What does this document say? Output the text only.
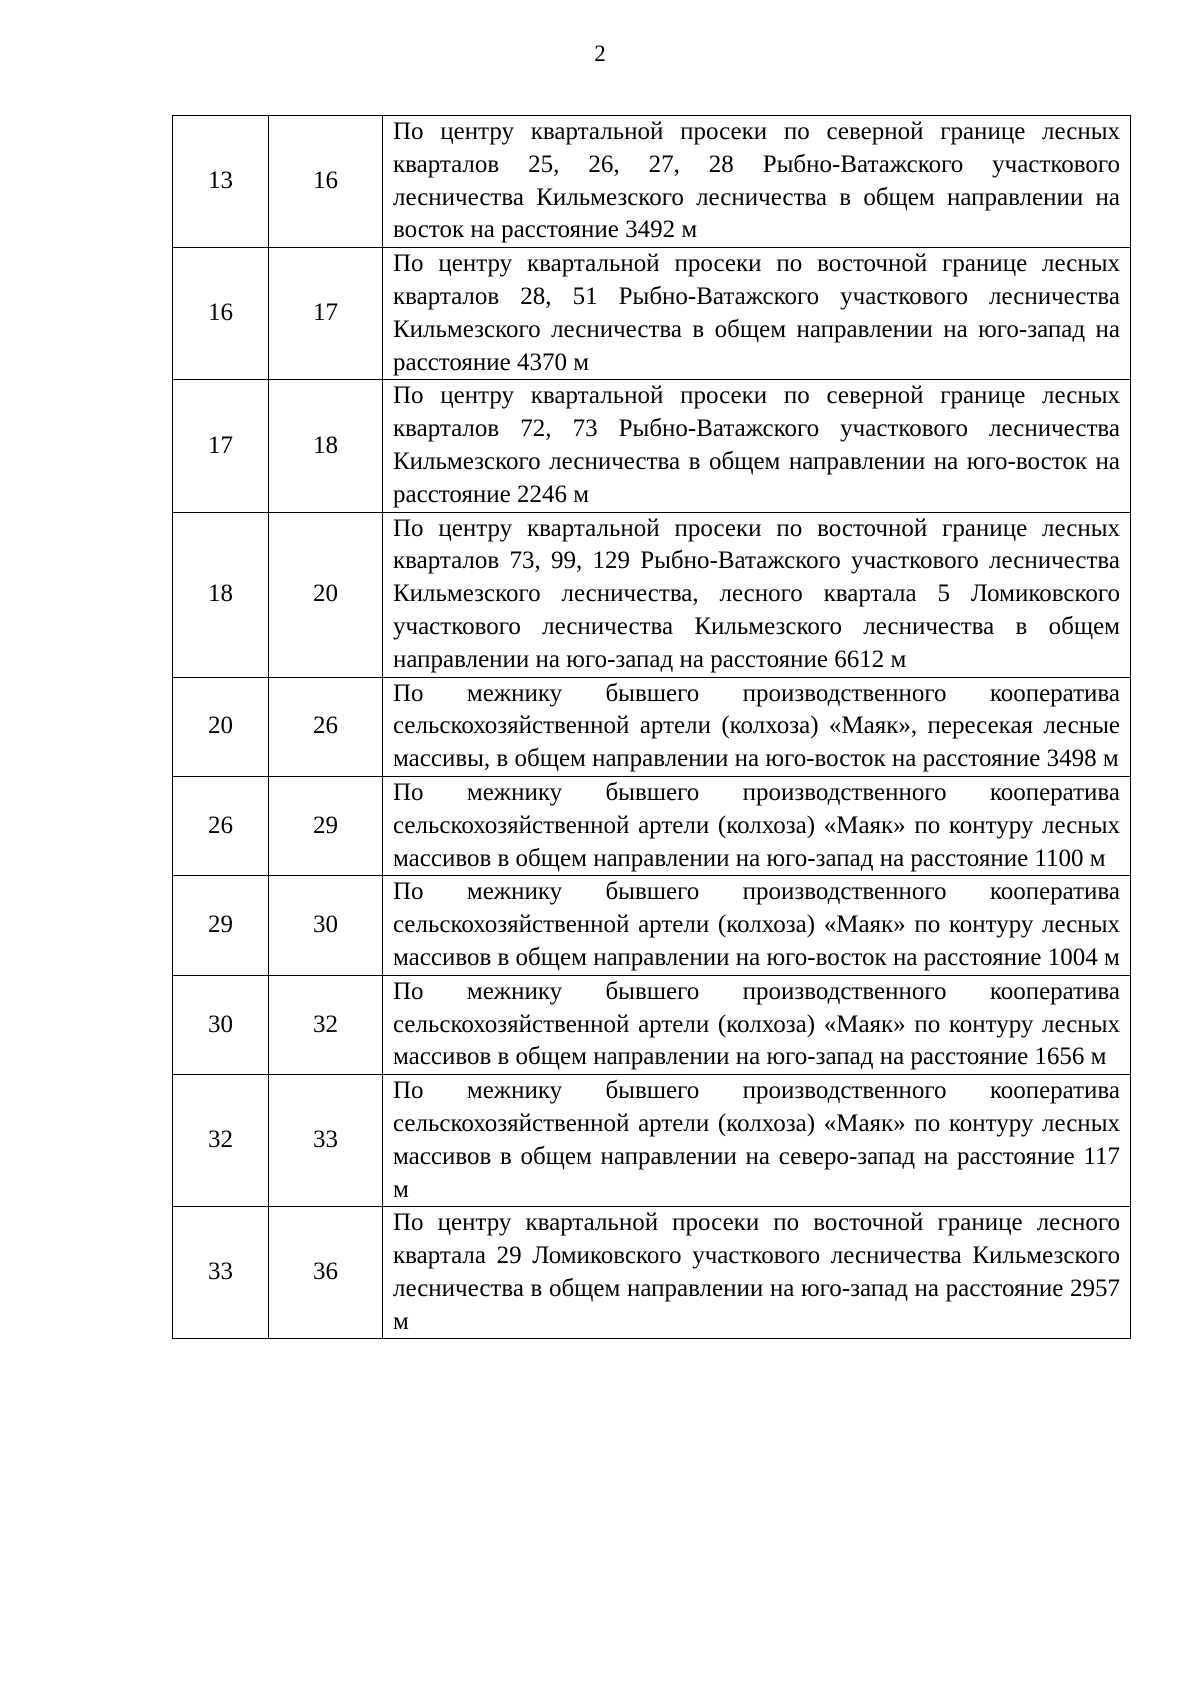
2
13	16	По центру квартальной просеки по северной границе лесных кварталов 25, 26, 27, 28 Рыбно-Ватажского участкового лесничества Кильмезского лесничества в общем направлении на восток на расстояние 3492 м
16	17	По центру квартальной просеки по восточной границе лесных кварталов 28, 51 Рыбно-Ватажского участкового лесничества Кильмезского лесничества в общем направлении на юго-запад на расстояние 4370 м
17	18	По центру квартальной просеки по северной границе лесных кварталов 72, 73 Рыбно-Ватажского участкового лесничества Кильмезского лесничества в общем направлении на юго-восток на расстояние 2246 м
18	20	По центру квартальной просеки по восточной границе лесных кварталов 73, 99, 129 Рыбно-Ватажского участкового лесничества Кильмезского лесничества, лесного квартала 5 Ломиковского участкового лесничества Кильмезского лесничества в общем направлении на юго-запад на расстояние 6612 м
20	26	По межнику бывшего производственного кооператива сельскохозяйственной артели (колхоза) «Маяк», пересекая лесные массивы, в общем направлении на юго-восток на расстояние 3498 м
26	29	По межнику бывшего производственного кооператива сельскохозяйственной артели (колхоза) «Маяк» по контуру лесных массивов в общем направлении на юго-запад на расстояние 1100 м
29	30	По межнику бывшего производственного кооператива сельскохозяйственной артели (колхоза) «Маяк» по контуру лесных массивов в общем направлении на юго-восток на расстояние 1004 м
30	32	По межнику бывшего производственного кооператива сельскохозяйственной артели (колхоза) «Маяк» по контуру лесных массивов в общем направлении на юго-запад на расстояние 1656 м
32	33	По межнику бывшего производственного кооператива сельскохозяйственной артели (колхоза) «Маяк» по контуру лесных массивов в общем направлении на северо-запад на расстояние 117 м
33	36	По центру квартальной просеки по восточной границе лесного квартала 29 Ломиковского участкового лесничества Кильмезского лесничества в общем направлении на юго-запад на расстояние 2957 м
